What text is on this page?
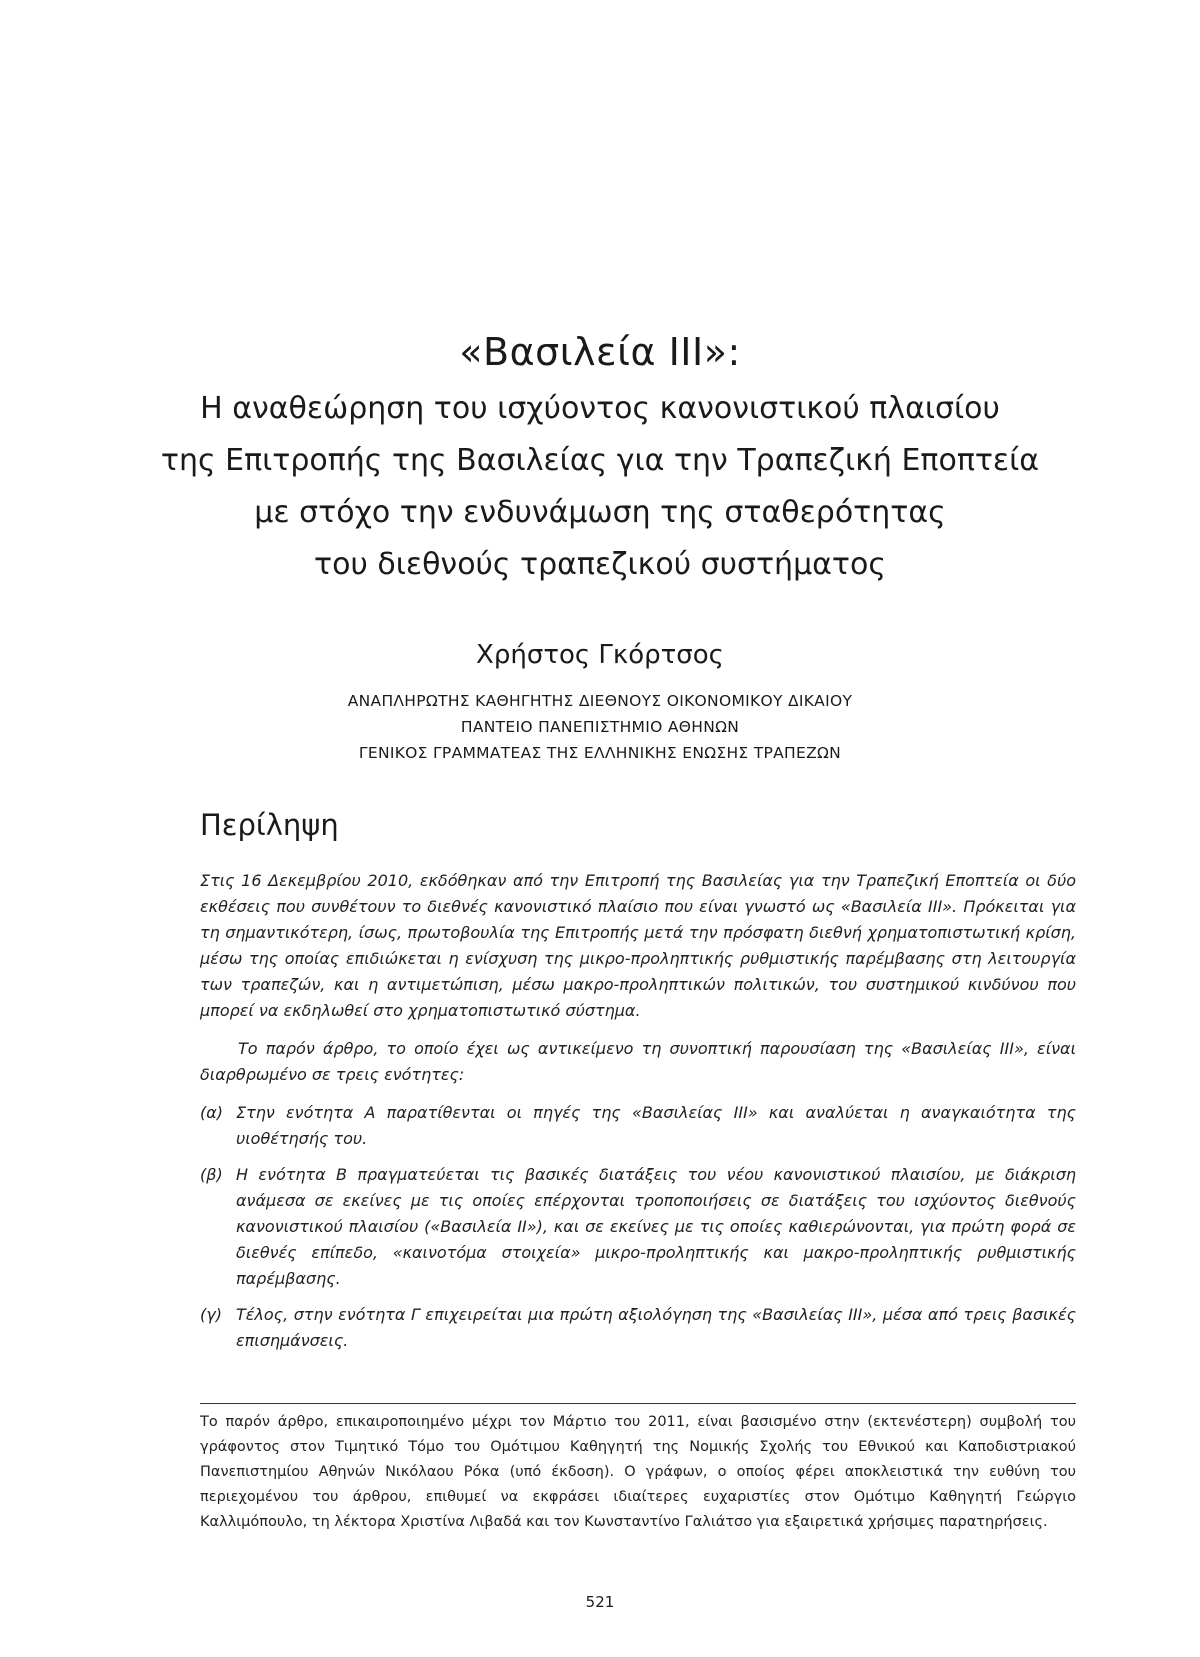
«Βασιλεία ΙΙΙ»:
Η αναθεώρηση του ισχύοντος κανονιστικού πλαισίου
της Επιτροπής της Βασιλείας για την Τραπεζική Εποπτεία
με στόχο την ενδυνάμωση της σταθερότητας
του διεθνούς τραπεζικού συστήματος
Χρήστος Γκόρτσος
ΑΝΑΠΛΗΡΩΤΗΣ ΚΑΘΗΓΗΤΗΣ ΔΙΕΘΝΟΥΣ ΟΙΚΟΝΟΜΙΚΟΥ ΔΙΚΑΙΟΥ
ΠΑΝΤΕΙΟ ΠΑΝΕΠΙΣΤΗΜΙΟ ΑΘΗΝΩΝ
ΓΕΝΙΚΟΣ ΓΡΑΜΜΑΤΕΑΣ ΤΗΣ ΕΛΛΗΝΙΚΗΣ ΕΝΩΣΗΣ ΤΡΑΠΕΖΩΝ
Περίληψη

Στις 16 Δεκεμβρίου 2010, εκδόθηκαν από την Επιτροπή της Βασιλείας για την Τραπεζική Εποπτεία οι δύο εκθέσεις που συνθέτουν το διεθνές κανονιστικό πλαίσιο που είναι γνωστό ως «Βασιλεία ΙΙΙ». Πρόκειται για τη σημαντικότερη, ίσως, πρωτοβουλία της Επιτροπής μετά την πρόσφατη διεθνή χρηματοπιστωτική κρίση, μέσω της οποίας επιδιώκεται η ενίσχυση της μικρο-προληπτικής ρυθμιστικής παρέμβασης στη λειτουργία των τραπεζών, και η αντιμετώπιση, μέσω μακρο-προληπτικών πολιτικών, του συστημικού κινδύνου που μπορεί να εκδηλωθεί στο χρηματοπιστωτικό σύστημα.

Το παρόν άρθρο, το οποίο έχει ως αντικείμενο τη συνοπτική παρουσίαση της «Βασιλείας ΙΙΙ», είναι διαρθρωμένο σε τρεις ενότητες:

(α) Στην ενότητα Α παρατίθενται οι πηγές της «Βασιλείας ΙΙΙ» και αναλύεται η αναγκαιότητα της υιοθέτησής του.
(β) Η ενότητα Β πραγματεύεται τις βασικές διατάξεις του νέου κανονιστικού πλαισίου, με διάκριση ανάμεσα σε εκείνες με τις οποίες επέρχονται τροποποιήσεις σε διατάξεις του ισχύοντος διεθνούς κανονιστικού πλαισίου («Βασιλεία ΙΙ»), και σε εκείνες με τις οποίες καθιερώνονται, για πρώτη φορά σε διεθνές επίπεδο, «καινοτόμα στοιχεία» μικρο-προληπτικής και μακρο-προληπτικής ρυθμιστικής παρέμβασης.
(γ) Τέλος, στην ενότητα Γ επιχειρείται μια πρώτη αξιολόγηση της «Βασιλείας ΙΙΙ», μέσα από τρεις βασικές επισημάνσεις.
Το παρόν άρθρο, επικαιροποιημένο μέχρι τον Μάρτιο του 2011, είναι βασισμένο στην (εκτενέστερη) συμβολή του γράφοντος στον Τιμητικό Τόμο του Ομότιμου Καθηγητή της Νομικής Σχολής του Εθνικού και Καποδιστριακού Πανεπιστημίου Αθηνών Νικόλαου Ρόκα (υπό έκδοση). Ο γράφων, ο οποίος φέρει αποκλειστικά την ευθύνη του περιεχομένου του άρθρου, επιθυμεί να εκφράσει ιδιαίτερες ευχαριστίες στον Ομότιμο Καθηγητή Γεώργιο Καλλιμόπουλο, τη λέκτορα Χριστίνα Λιβαδά και τον Κωνσταντίνο Γαλιάτσο για εξαιρετικά χρήσιμες παρατηρήσεις.
521
